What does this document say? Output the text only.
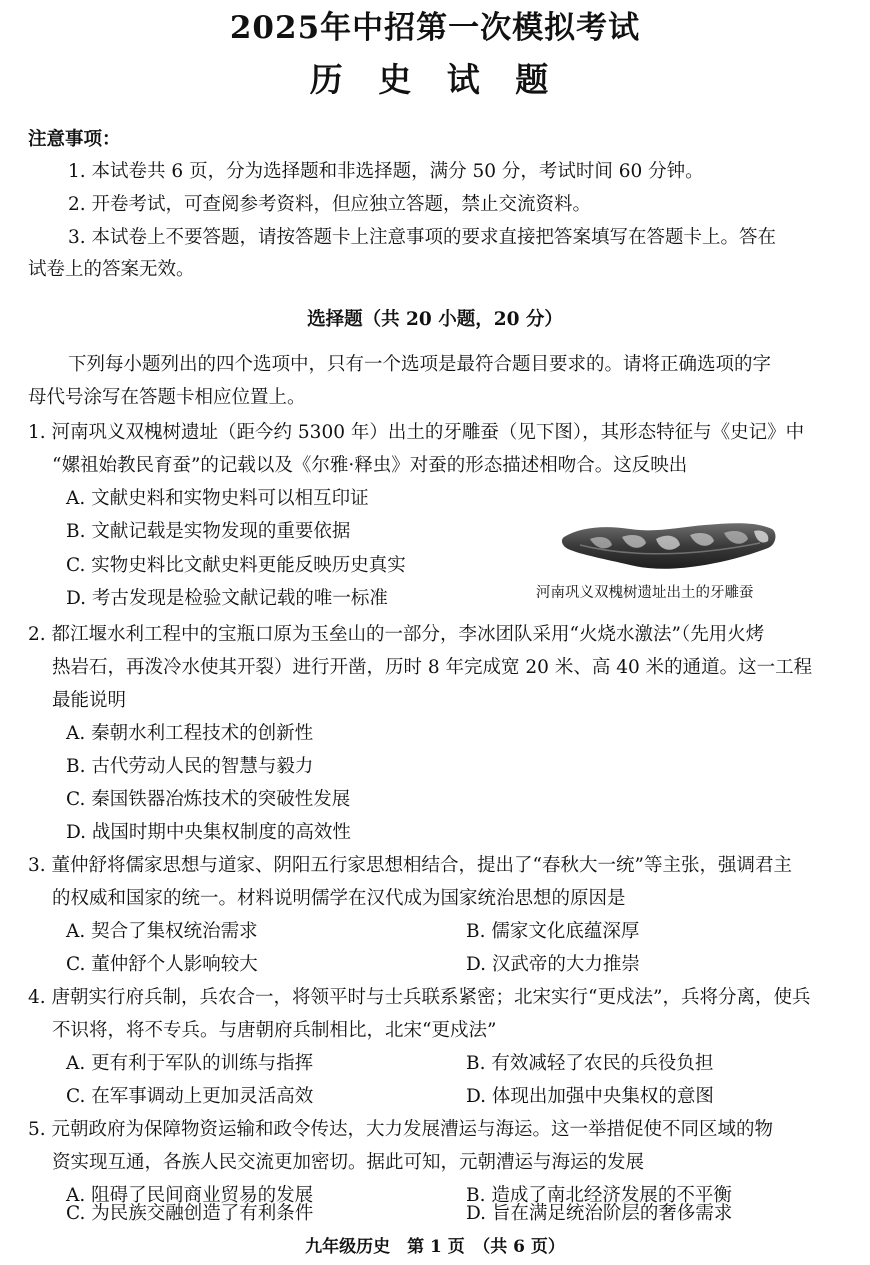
2025年中招第一次模拟考试
历 史 试 题
注意事项：
1. 本试卷共 6 页，分为选择题和非选择题，满分 50 分，考试时间 60 分钟。
2. 开卷考试，可查阅参考资料，但应独立答题，禁止交流资料。
3. 本试卷上不要答题，请按答题卡上注意事项的要求直接把答案填写在答题卡上。答在
试卷上的答案无效。
选择题（共 20 小题，20 分）
下列每小题列出的四个选项中，只有一个选项是最符合题目要求的。请将正确选项的字
母代号涂写在答题卡相应位置上。
1. 河南巩义双槐树遗址（距今约 5300 年）出土的牙雕蚕（见下图），其形态特征与《史记》中
“嫘祖始教民育蚕”的记载以及《尔雅·释虫》对蚕的形态描述相吻合。这反映出
A. 文献史料和实物史料可以相互印证
B. 文献记载是实物发现的重要依据
C. 实物史料比文献史料更能反映历史真实
D. 考古发现是检验文献记载的唯一标准	河南巩义双槐树遗址出土的牙雕蚕
2. 都江堰水利工程中的宝瓶口原为玉垒山的一部分，李冰团队采用“火烧水激法”（先用火烤
热岩石，再泼冷水使其开裂）进行开凿，历时 8 年完成宽 20 米、高 40 米的通道。这一工程
最能说明
A. 秦朝水利工程技术的创新性
B. 古代劳动人民的智慧与毅力
C. 秦国铁器冶炼技术的突破性发展
D. 战国时期中央集权制度的高效性
3. 董仲舒将儒家思想与道家、阴阳五行家思想相结合，提出了“春秋大一统”等主张，强调君主
的权威和国家的统一。材料说明儒学在汉代成为国家统治思想的原因是
A. 契合了集权统治需求	B. 儒家文化底蕴深厚
C. 董仲舒个人影响较大	D. 汉武帝的大力推崇
4. 唐朝实行府兵制，兵农合一，将领平时与士兵联系紧密；北宋实行“更戍法”，兵将分离，使兵
不识将，将不专兵。与唐朝府兵制相比，北宋“更戍法”
A. 更有利于军队的训练与指挥	B. 有效减轻了农民的兵役负担
C. 在军事调动上更加灵活高效	D. 体现出加强中央集权的意图
5. 元朝政府为保障物资运输和政令传达，大力发展漕运与海运。这一举措促使不同区域的物
资实现互通，各族人民交流更加密切。据此可知，元朝漕运与海运的发展
A. 阻碍了民间商业贸易的发展	B. 造成了南北经济发展的不平衡
C. 为民族交融创造了有利条件	D. 旨在满足统治阶层的奢侈需求
九年级历史　第 1 页　（共 6 页）
